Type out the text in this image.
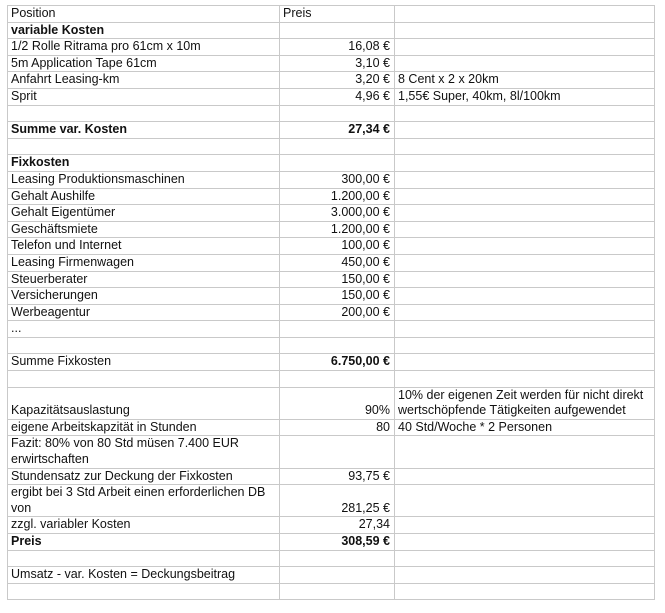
Position	Preis	
variable Kosten		
1/2 Rolle Ritrama pro 61cm x 10m	16,08 €	
5m Application Tape 61cm	3,10 €	
Anfahrt Leasing-km	3,20 €	8 Cent x 2 x 20km
Sprit	4,96 €	1,55€ Super, 40km, 8l/100km

Summe var. Kosten	27,34 €	

Fixkosten		
Leasing Produktionsmaschinen	300,00 €	
Gehalt Aushilfe	1.200,00 €	
Gehalt Eigentümer	3.000,00 €	
Geschäftsmiete	1.200,00 €	
Telefon und Internet	100,00 €	
Leasing Firmenwagen	450,00 €	
Steuerberater	150,00 €	
Versicherungen	150,00 €	
Werbeagentur	200,00 €	
...		

Summe Fixkosten	6.750,00 €	

Kapazitätsauslastung	90%	10% der eigenen Zeit werden für nicht direkt wertschöpfende Tätigkeiten aufgewendet
eigene Arbeitskapzität in Stunden	80	40 Std/Woche * 2 Personen
Fazit: 80% von 80 Std müsen 7.400 EUR erwirtschaften		
Stundensatz zur Deckung der Fixkosten	93,75 €	
ergibt bei 3 Std Arbeit einen erforderlichen DB von	281,25 €	
zzgl. variabler Kosten	27,34	
Preis	308,59 €	

Umsatz - var. Kosten = Deckungsbeitrag		
